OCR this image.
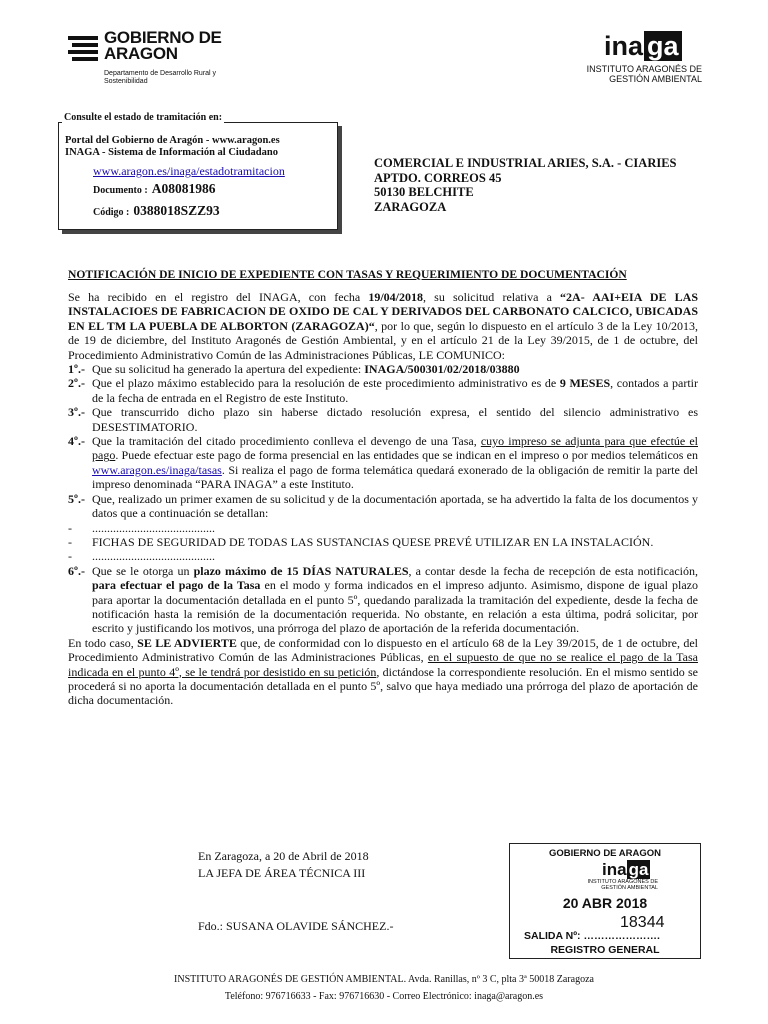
GOBIERNO DE ARAGON
Departamento de Desarrollo Rural y Sostenibilidad
ina ga
INSTITUTO ARAGONÉS DE
GESTIÓN AMBIENTAL
Portal del Gobierno de Aragón - www.aragon.es
INAGA - Sistema de Información al Ciudadano
www.aragon.es/inaga/estadotramitacion
Documento : A08081986
Código : 0388018SZZ93
Consulte el estado de tramitación en:
COMERCIAL E INDUSTRIAL ARIES, S.A. - CIARIES
APTDO. CORREOS 45
50130 BELCHITE
ZARAGOZA
NOTIFICACIÓN DE INICIO DE EXPEDIENTE CON TASAS Y REQUERIMIENTO DE DOCUMENTACIÓN

Se ha recibido en el registro del INAGA, con fecha 19/04/2018, su solicitud relativa a “2A- AAI+EIA DE LAS INSTALACIOES DE FABRICACION DE OXIDO DE CAL Y DERIVADOS DEL CARBONATO CALCICO, UBICADAS EN EL TM LA PUEBLA DE ALBORTON (ZARAGOZA)“, por lo que, según lo dispuesto en el artículo 3 de la Ley 10/2013, de 19 de diciembre, del Instituto Aragonés de Gestión Ambiental, y en el artículo 21 de la Ley 39/2015, de 1 de octubre, del Procedimiento Administrativo Común de las Administraciones Públicas, LE COMUNICO:

1º.- Que su solicitud ha generado la apertura del expediente: INAGA/500301/02/2018/03880
2º.- Que el plazo máximo establecido para la resolución de este procedimiento administrativo es de 9 MESES, contados a partir de la fecha de entrada en el Registro de este Instituto.
3º.- Que transcurrido dicho plazo sin haberse dictado resolución expresa, el sentido del silencio administrativo es DESESTIMATORIO.
4º.- Que la tramitación del citado procedimiento conlleva el devengo de una Tasa, cuyo impreso se adjunta para que efectúe el pago. Puede efectuar este pago de forma presencial en las entidades que se indican en el impreso o por medios telemáticos en www.aragon.es/inaga/tasas. Si realiza el pago de forma telemática quedará exonerado de la obligación de remitir la parte del impreso denominada “PARA INAGA” a este Instituto.
5º.- Que, realizado un primer examen de su solicitud y de la documentación aportada, se ha advertido la falta de los documentos y datos que a continuación se detallan:
-	.........................................
-	FICHAS DE SEGURIDAD DE TODAS LAS SUSTANCIAS QUESE PREVÉ UTILIZAR EN LA INSTALACIÓN.
-	.........................................
6º.- Que se le otorga un plazo máximo de 15 DÍAS NATURALES, a contar desde la fecha de recepción de esta notificación, para efectuar el pago de la Tasa en el modo y forma indicados en el impreso adjunto. Asimismo, dispone de igual plazo para aportar la documentación detallada en el punto 5º, quedando paralizada la tramitación del expediente, desde la fecha de notificación hasta la remisión de la documentación requerida. No obstante, en relación a esta última, podrá solicitar, por escrito y justificando los motivos, una prórroga del plazo de aportación de la referida documentación.

En todo caso, SE LE ADVIERTE que, de conformidad con lo dispuesto en el artículo 68 de la Ley 39/2015, de 1 de octubre, del Procedimiento Administrativo Común de las Administraciones Públicas, en el supuesto de que no se realice el pago de la Tasa indicada en el punto 4º, se le tendrá por desistido en su petición, dictándose la correspondiente resolución. En el mismo sentido se procederá si no aporta la documentación detallada en el punto 5º, salvo que haya mediado una prórroga del plazo de aportación de dicha documentación.

En Zaragoza, a 20 de Abril de 2018
LA JEFA DE ÁREA TÉCNICA III
Fdo.: SUSANA OLAVIDE SÁNCHEZ.-
GOBIERNO DE ARAGON
ina ga
INSTITUTO ARAGONÉS DE
GESTIÓN AMBIENTAL
20 ABR 2018
18344
SALIDA Nº: ………………….
REGISTRO GENERAL
INSTITUTO ARAGONÉS DE GESTIÓN AMBIENTAL. Avda. Ranillas, nº 3 C, plta 3ª 50018 Zaragoza
Teléfono: 976716633 - Fax: 976716630 - Correo Electrónico: inaga@aragon.es
